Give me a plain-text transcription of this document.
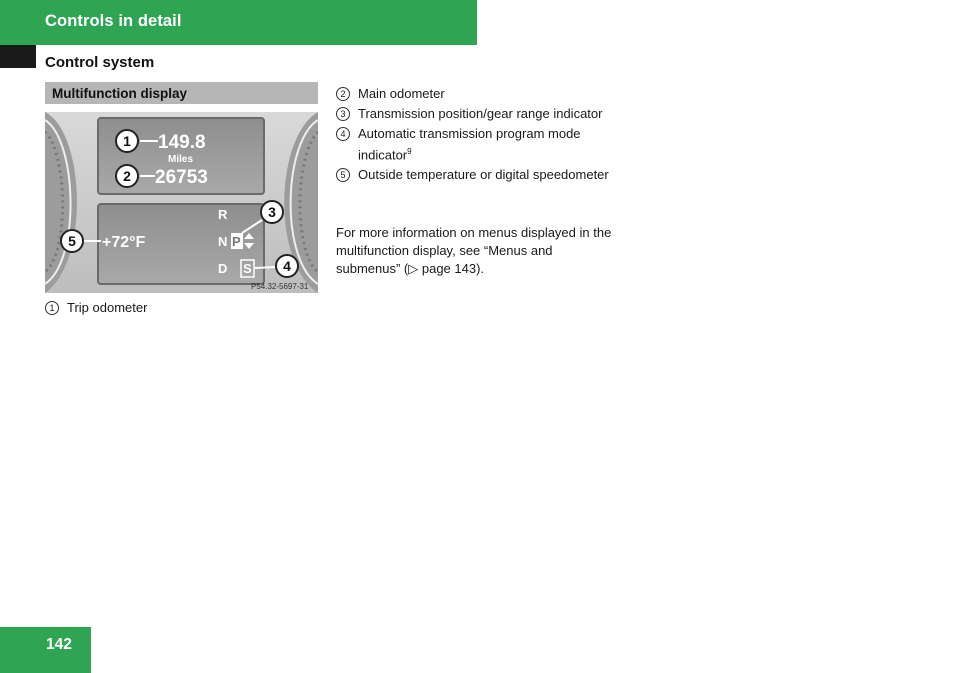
Controls in detail
Control system
Multifunction display
1 149.8
Miles
2 26753
R
N
D
P
S
3
4
5 +72°F
P54.32-5697-31
1 Trip odometer
2 Main odometer
3 Transmission position/gear range indicator
4 Automatic transmission program mode indicator$^9$
5 Outside temperature or digital speedometer
For more information on menus displayed in the multifunction display, see “Menus and submenus” (▷ page 143).
142
